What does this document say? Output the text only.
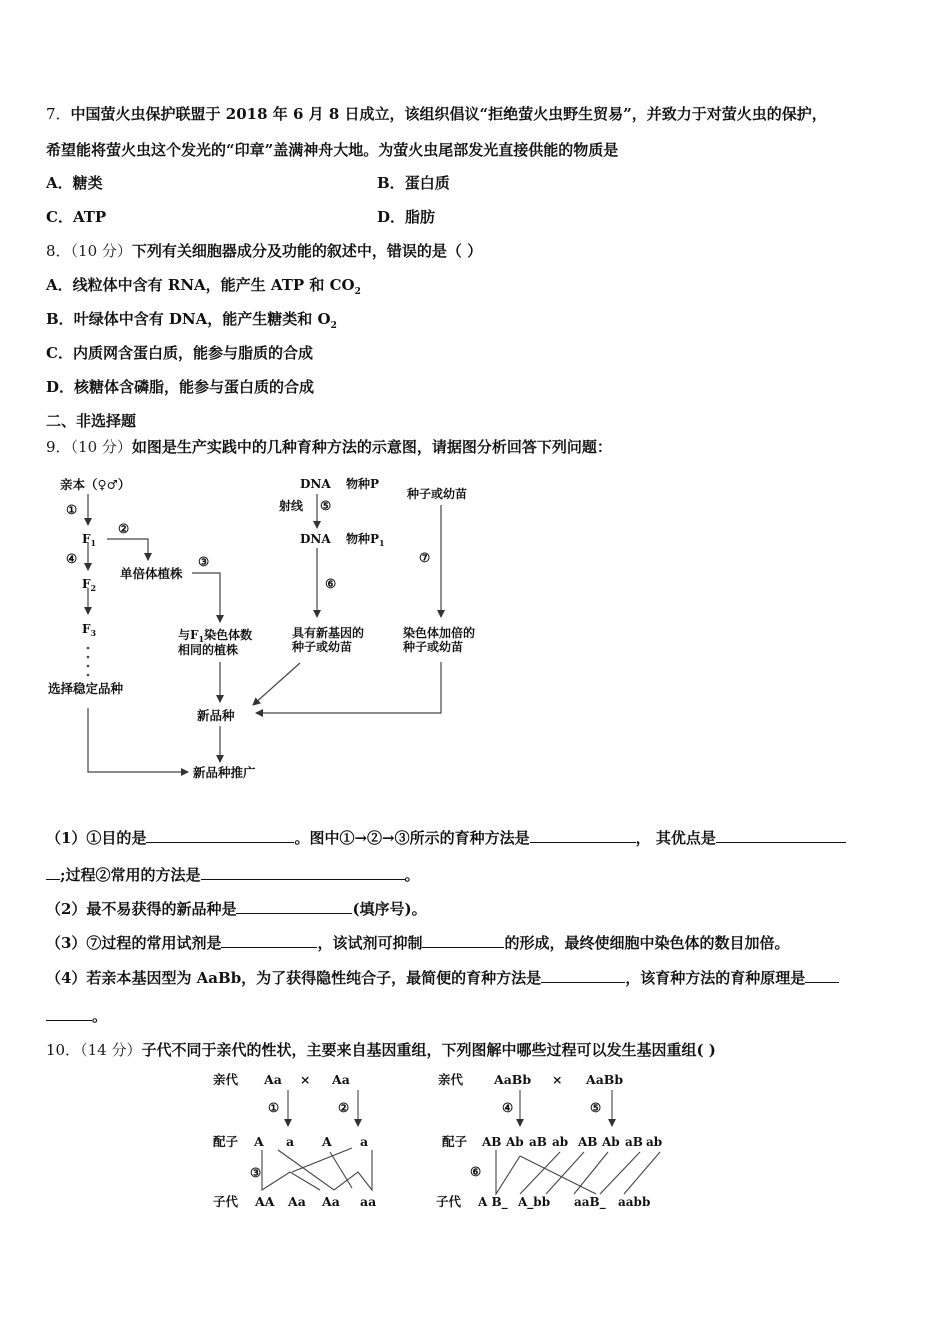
7．中国萤火虫保护联盟于 2018 年 6 月 8 日成立，该组织倡议“拒绝萤火虫野生贸易”，并致力于对萤火虫的保护，
希望能将萤火虫这个发光的“印章”盖满神舟大地。为萤火虫尾部发光直接供能的物质是
A．糖类	B．蛋白质
C．ATP	D．脂肪
8．（10 分）下列有关细胞器成分及功能的叙述中，错误的是（ ）
A．线粒体中含有 RNA，能产生 ATP 和 $CO_2$
B．叶绿体中含有 DNA，能产生糖类和 $O_2$
C．内质网含蛋白质，能参与脂质的合成
D．核糖体含磷脂，能参与蛋白质的合成
二、非选择题
9．（10 分）如图是生产实践中的几种育种方法的示意图，请据图分析回答下列问题：
亲本（♀♂）
①
$F_1$
②
④
单倍体植株
③
$F_2$
$F_3$	与$F_1$染色体数
相同的植株
选择稳定品种
DNA 物种P
射线 ⑤
DNA 物种$P_1$
⑥
具有新基因的
种子或幼苗
种子或幼苗
⑦
染色体加倍的
种子或幼苗
新品种
新品种推广
（1）①目的是	。图中①→②→③所示的育种方法是	， 其优点是
;过程②常用的方法是	。
（2）最不易获得的新品种是	(填序号)。
（3）⑦过程的常用试剂是	，该试剂可抑制	的形成，最终使细胞中染色体的数目加倍。
（4）若亲本基因型为 AaBb，为了获得隐性纯合子，最简便的育种方法是	，该育种方法的育种原理是
。
10．（14 分）子代不同于亲代的性状，主要来自基因重组，下列图解中哪些过程可以发生基因重组( )
亲代 Aa × Aa
①	②
配子 A a A a
③
子代 AA Aa Aa aa
亲代 AaBb × AaBb
④	⑤
配子 AB Ab aB ab AB Ab aB ab
⑥
子代 A B_ A_bb aaB_ aabb
